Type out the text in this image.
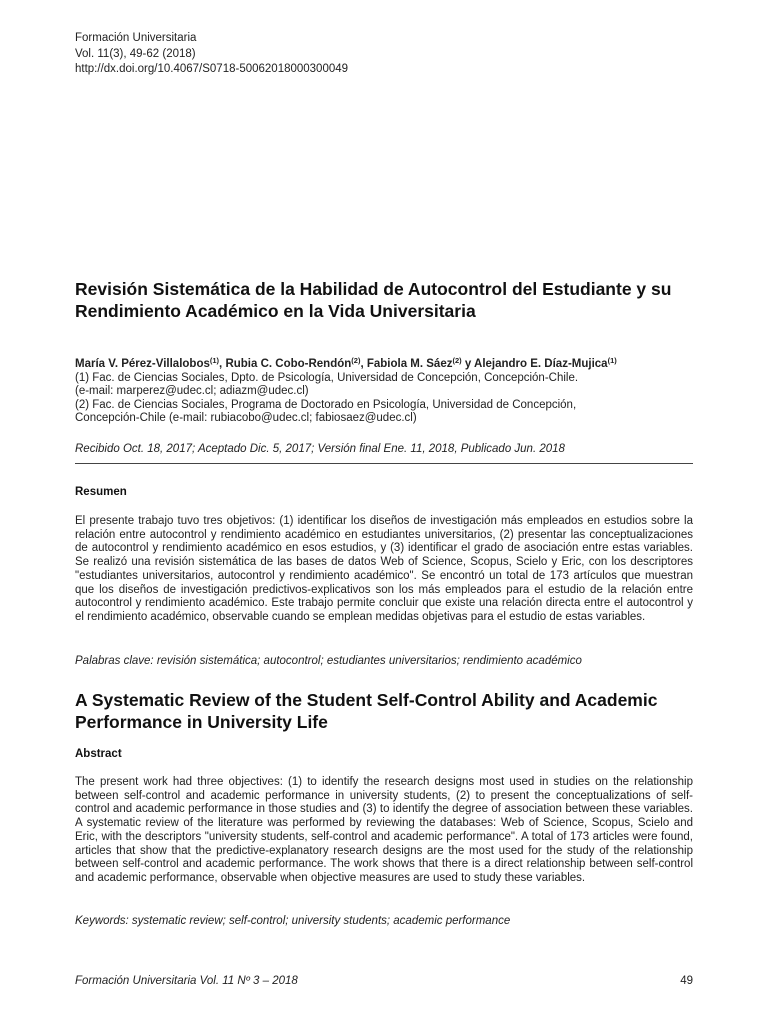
Formación Universitaria
Vol. 11(3), 49-62 (2018)
http://dx.doi.org/10.4067/S0718-50062018000300049
Revisión Sistemática de la Habilidad de Autocontrol del Estudiante y su Rendimiento Académico en la Vida Universitaria
María V. Pérez-Villalobos$^{(1)}$, Rubia C. Cobo-Rendón$^{(2)}$, Fabiola M. Sáez$^{(2)}$ y Alejandro E. Díaz-Mujica$^{(1)}$
(1) Fac. de Ciencias Sociales, Dpto. de Psicología, Universidad de Concepción, Concepción-Chile.
(e-mail: marperez@udec.cl; adiazm@udec.cl)
(2) Fac. de Ciencias Sociales, Programa de Doctorado en Psicología, Universidad de Concepción,
Concepción-Chile (e-mail: rubiacobo@udec.cl; fabiosaez@udec.cl)
Recibido Oct. 18, 2017; Aceptado Dic. 5, 2017; Versión final Ene. 11, 2018, Publicado Jun. 2018
Resumen
El presente trabajo tuvo tres objetivos: (1) identificar los diseños de investigación más empleados en estudios sobre la relación entre autocontrol y rendimiento académico en estudiantes universitarios, (2) presentar las conceptualizaciones de autocontrol y rendimiento académico en esos estudios, y (3) identificar el grado de asociación entre estas variables. Se realizó una revisión sistemática de las bases de datos Web of Science, Scopus, Scielo y Eric, con los descriptores "estudiantes universitarios, autocontrol y rendimiento académico". Se encontró un total de 173 artículos que muestran que los diseños de investigación predictivos-explicativos son los más empleados para el estudio de la relación entre autocontrol y rendimiento académico. Este trabajo permite concluir que existe una relación directa entre el autocontrol y el rendimiento académico, observable cuando se emplean medidas objetivas para el estudio de estas variables.
Palabras clave: revisión sistemática; autocontrol; estudiantes universitarios; rendimiento académico
A Systematic Review of the Student Self-Control Ability and Academic Performance in University Life
Abstract
The present work had three objectives: (1) to identify the research designs most used in studies on the relationship between self-control and academic performance in university students, (2) to present the conceptualizations of self-control and academic performance in those studies and (3) to identify the degree of association between these variables. A systematic review of the literature was performed by reviewing the databases: Web of Science, Scopus, Scielo and Eric, with the descriptors "university students, self-control and academic performance". A total of 173 articles were found, articles that show that the predictive-explanatory research designs are the most used for the study of the relationship between self-control and academic performance. The work shows that there is a direct relationship between self-control and academic performance, observable when objective measures are used to study these variables.
Keywords: systematic review; self-control; university students; academic performance
Formación Universitaria Vol. 11 Nº 3 – 2018	49
